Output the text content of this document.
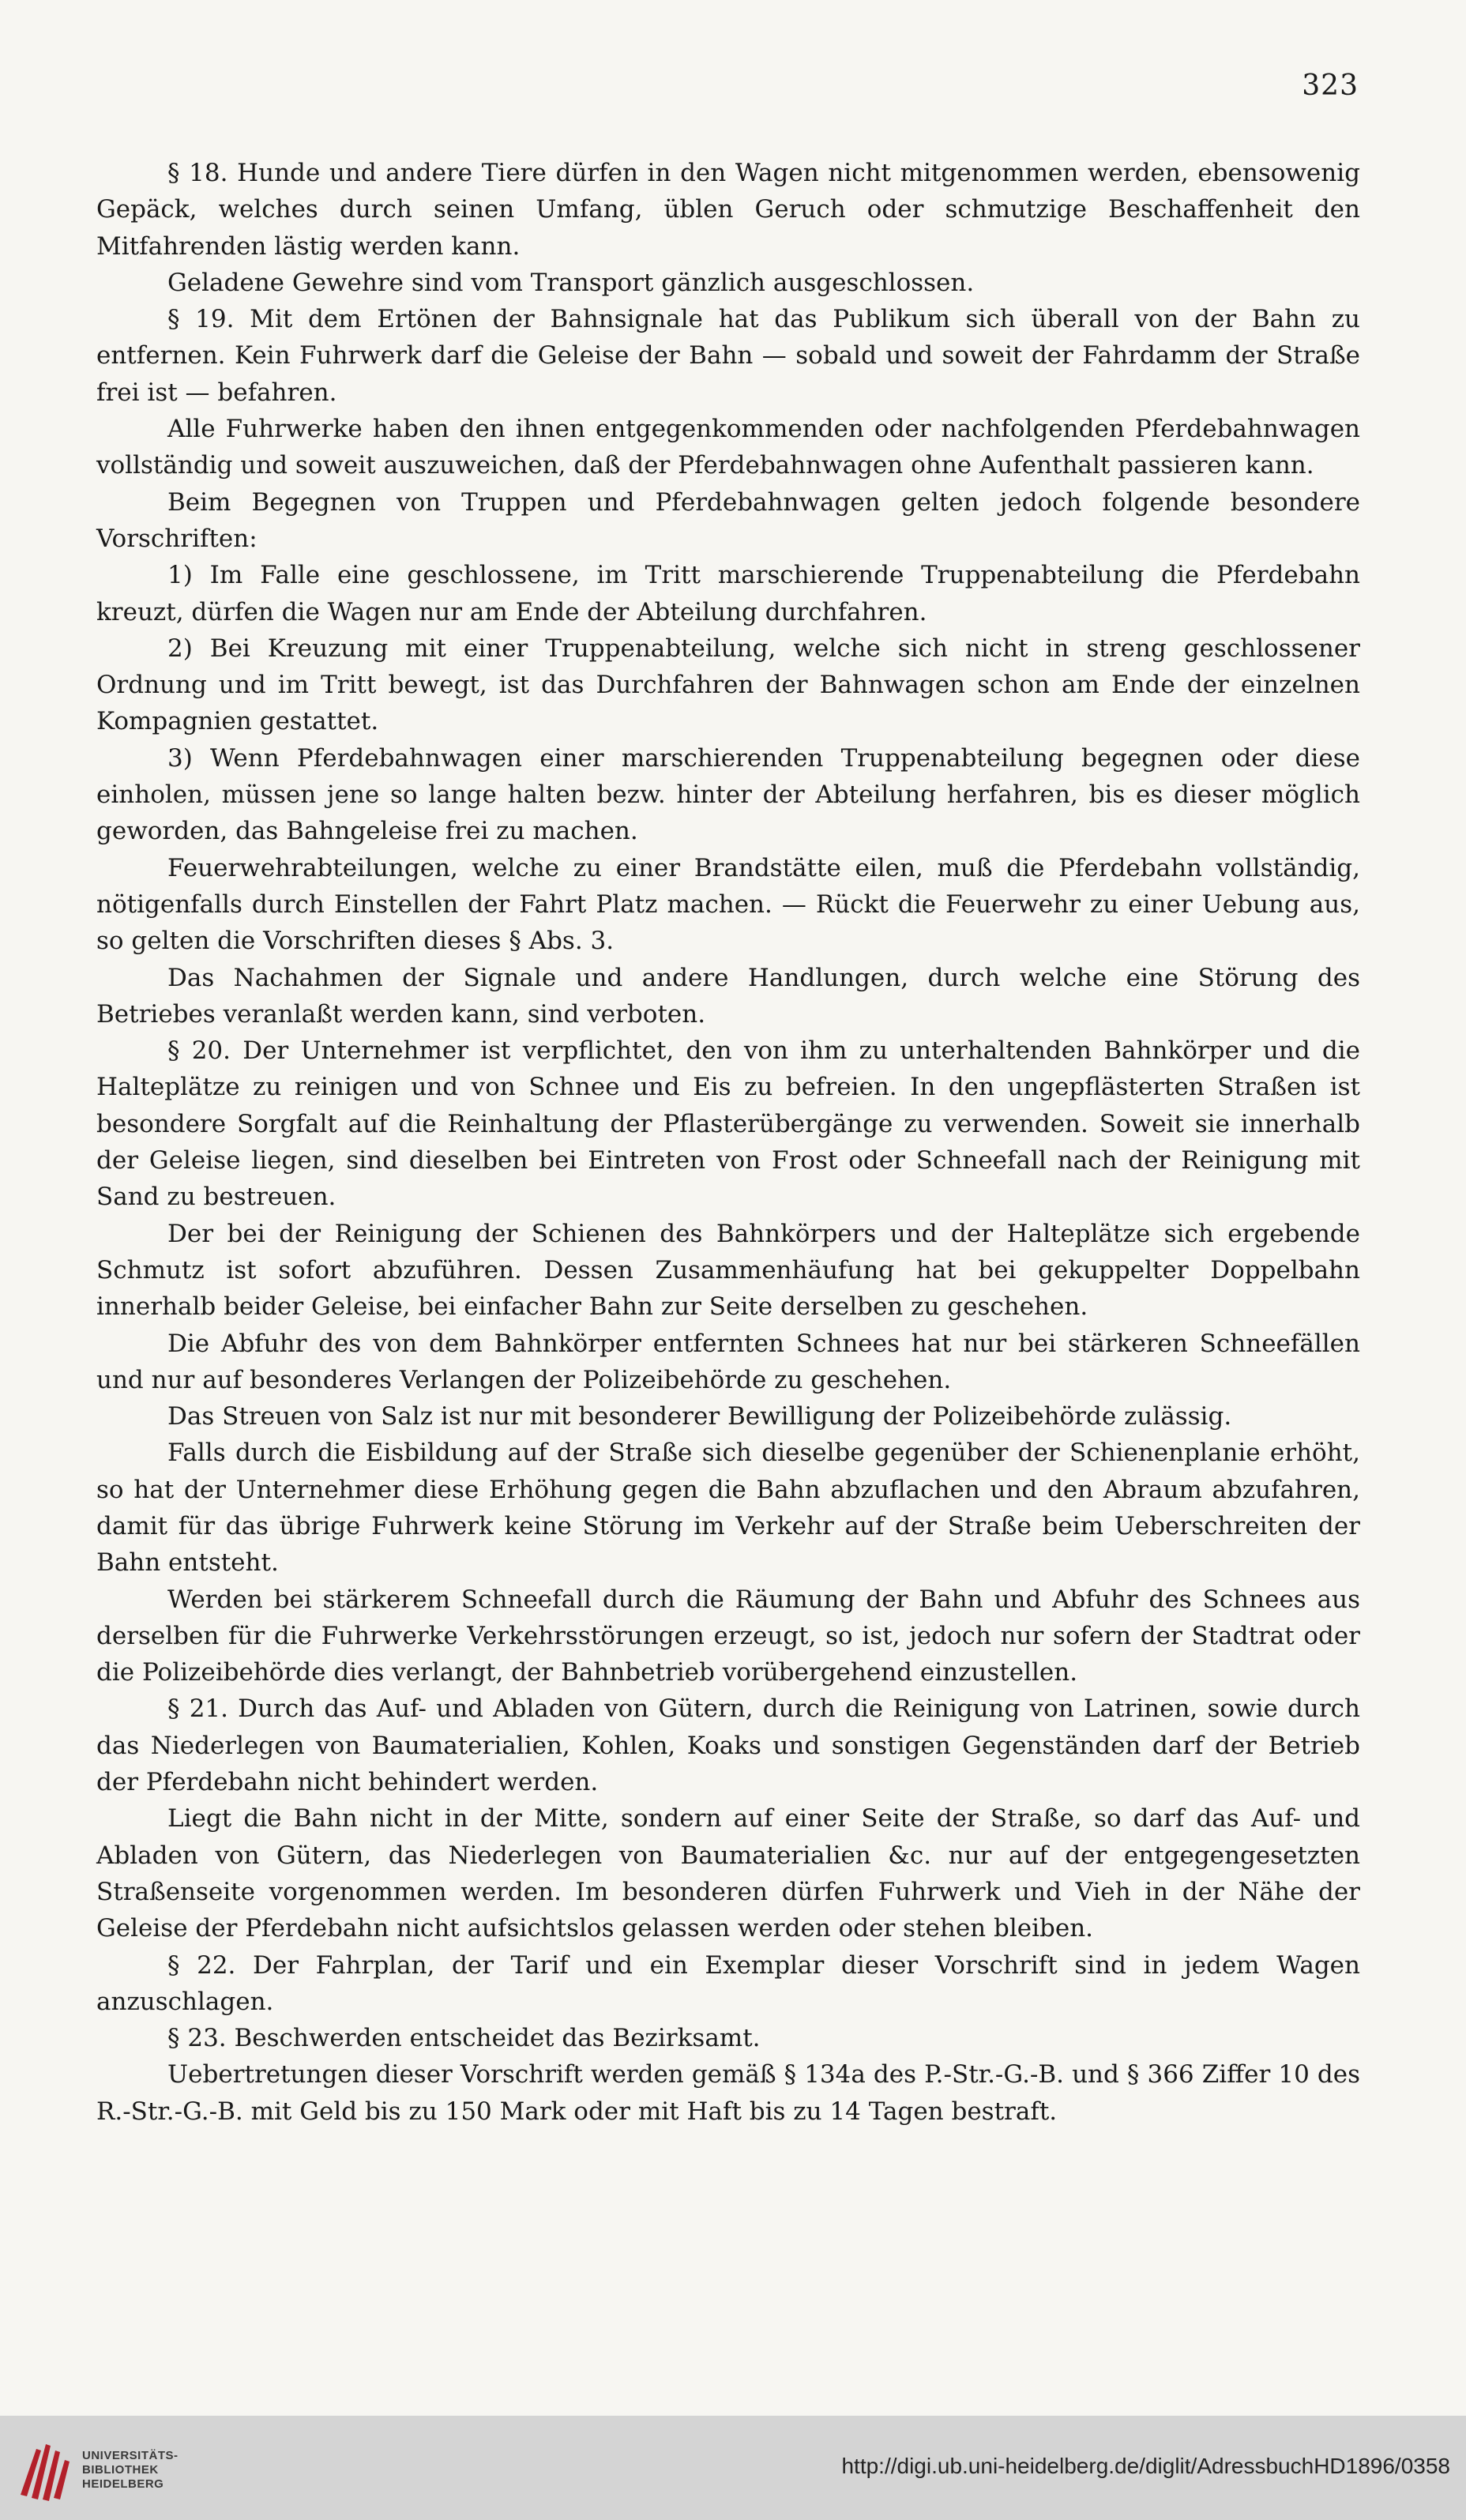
323

§ 18. Hunde und andere Tiere dürfen in den Wagen nicht mitgenommen werden, ebensowenig Gepäck, welches durch seinen Umfang, üblen Geruch oder schmutzige Beschaffenheit den Mitfahrenden lästig werden kann.

Geladene Gewehre sind vom Transport gänzlich ausgeschlossen.

§ 19. Mit dem Ertönen der Bahnsignale hat das Publikum sich überall von der Bahn zu entfernen. Kein Fuhrwerk darf die Geleise der Bahn — sobald und soweit der Fahrdamm der Straße frei ist — befahren.

Alle Fuhrwerke haben den ihnen entgegenkommenden oder nachfolgenden Pferdebahnwagen vollständig und soweit auszuweichen, daß der Pferdebahnwagen ohne Aufenthalt passieren kann.

Beim Begegnen von Truppen und Pferdebahnwagen gelten jedoch folgende besondere Vorschriften:

1) Im Falle eine geschlossene, im Tritt marschierende Truppenabteilung die Pferdebahn kreuzt, dürfen die Wagen nur am Ende der Abteilung durchfahren.

2) Bei Kreuzung mit einer Truppenabteilung, welche sich nicht in streng geschlossener Ordnung und im Tritt bewegt, ist das Durchfahren der Bahnwagen schon am Ende der einzelnen Kompagnien gestattet.

3) Wenn Pferdebahnwagen einer marschierenden Truppenabteilung begegnen oder diese einholen, müssen jene so lange halten bezw. hinter der Abteilung herfahren, bis es dieser möglich geworden, das Bahngeleise frei zu machen.

Feuerwehrabteilungen, welche zu einer Brandstätte eilen, muß die Pferdebahn vollständig, nötigenfalls durch Einstellen der Fahrt Platz machen. — Rückt die Feuerwehr zu einer Uebung aus, so gelten die Vorschriften dieses § Abs. 3.

Das Nachahmen der Signale und andere Handlungen, durch welche eine Störung des Betriebes veranlaßt werden kann, sind verboten.

§ 20. Der Unternehmer ist verpflichtet, den von ihm zu unterhaltenden Bahnkörper und die Halteplätze zu reinigen und von Schnee und Eis zu befreien. In den ungepflästerten Straßen ist besondere Sorgfalt auf die Reinhaltung der Pflasterübergänge zu verwenden. Soweit sie innerhalb der Geleise liegen, sind dieselben bei Eintreten von Frost oder Schneefall nach der Reinigung mit Sand zu bestreuen.

Der bei der Reinigung der Schienen des Bahnkörpers und der Halteplätze sich ergebende Schmutz ist sofort abzuführen. Dessen Zusammenhäufung hat bei gekuppelter Doppelbahn innerhalb beider Geleise, bei einfacher Bahn zur Seite derselben zu geschehen.

Die Abfuhr des von dem Bahnkörper entfernten Schnees hat nur bei stärkeren Schneefällen und nur auf besonderes Verlangen der Polizeibehörde zu geschehen.

Das Streuen von Salz ist nur mit besonderer Bewilligung der Polizeibehörde zulässig.

Falls durch die Eisbildung auf der Straße sich dieselbe gegenüber der Schienenplanie erhöht, so hat der Unternehmer diese Erhöhung gegen die Bahn abzuflachen und den Abraum abzufahren, damit für das übrige Fuhrwerk keine Störung im Verkehr auf der Straße beim Ueberschreiten der Bahn entsteht.

Werden bei stärkerem Schneefall durch die Räumung der Bahn und Abfuhr des Schnees aus derselben für die Fuhrwerke Verkehrsstörungen erzeugt, so ist, jedoch nur sofern der Stadtrat oder die Polizeibehörde dies verlangt, der Bahnbetrieb vorübergehend einzustellen.

§ 21. Durch das Auf- und Abladen von Gütern, durch die Reinigung von Latrinen, sowie durch das Niederlegen von Baumaterialien, Kohlen, Koaks und sonstigen Gegenständen darf der Betrieb der Pferdebahn nicht behindert werden.

Liegt die Bahn nicht in der Mitte, sondern auf einer Seite der Straße, so darf das Auf- und Abladen von Gütern, das Niederlegen von Baumaterialien &c. nur auf der entgegengesetzten Straßenseite vorgenommen werden. Im besonderen dürfen Fuhrwerk und Vieh in der Nähe der Geleise der Pferdebahn nicht aufsichtslos gelassen werden oder stehen bleiben.

§ 22. Der Fahrplan, der Tarif und ein Exemplar dieser Vorschrift sind in jedem Wagen anzuschlagen.

§ 23. Beschwerden entscheidet das Bezirksamt.

Uebertretungen dieser Vorschrift werden gemäß § 134a des P.-Str.-G.-B. und § 366 Ziffer 10 des R.-Str.-G.-B. mit Geld bis zu 150 Mark oder mit Haft bis zu 14 Tagen bestraft.

UNIVERSITÄTS-
BIBLIOTHEK
HEIDELBERG
http://digi.ub.uni-heidelberg.de/diglit/AdressbuchHD1896/0358
